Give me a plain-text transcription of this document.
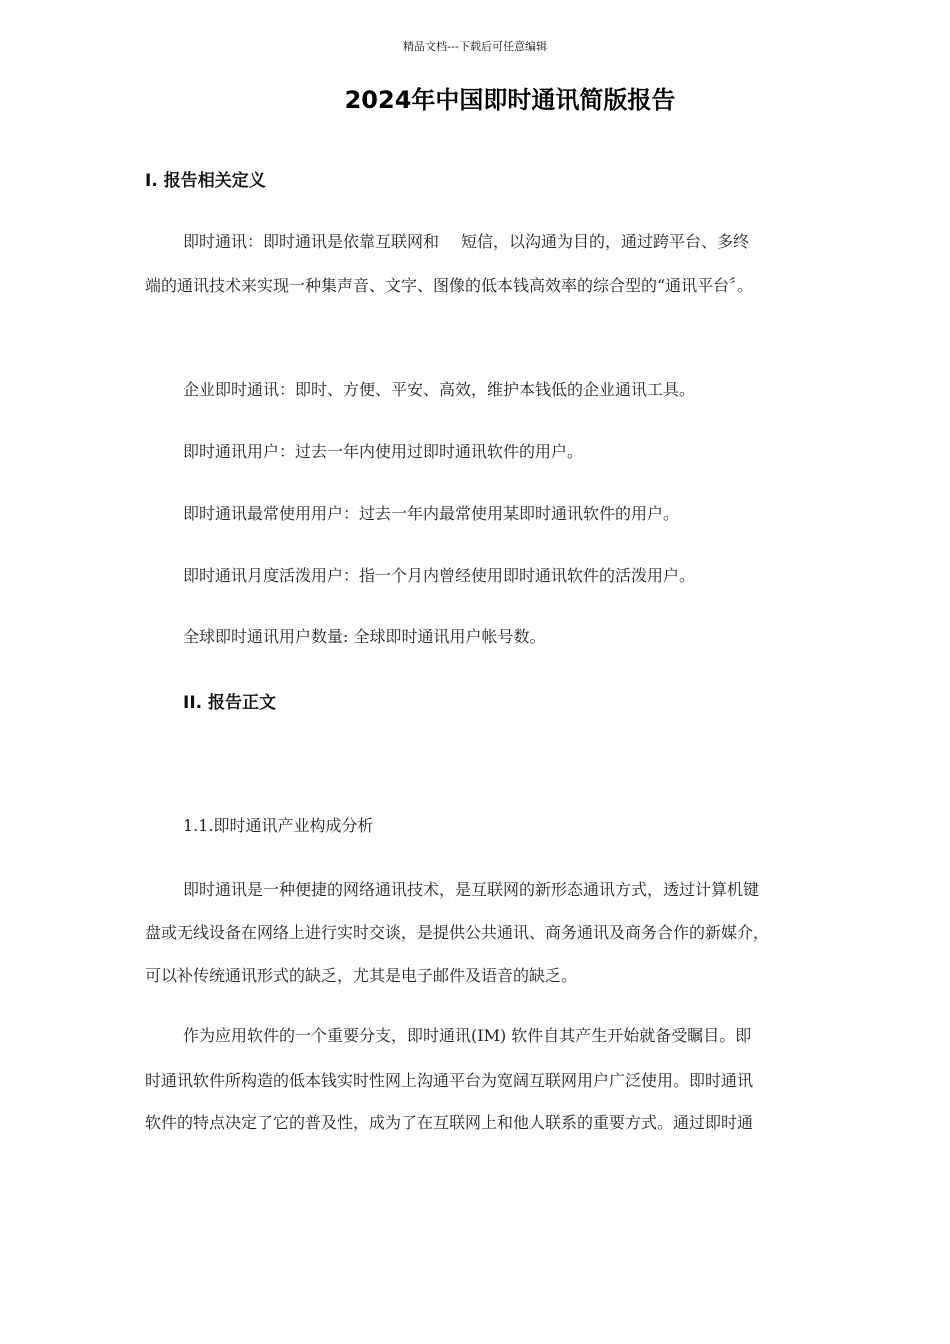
精品文档---下载后可任意编辑
2024年中国即时通讯简版报告
I. 报告相关定义
即时通讯：即时通讯是依靠互联网和 短信，以沟通为目的，通过跨平台、多终
端的通讯技术来实现一种集声音、文字、图像的低本钱高效率的综合型的“通讯平台〞。
企业即时通讯：即时、方便、平安、高效，维护本钱低的企业通讯工具。
即时通讯用户：过去一年内使用过即时通讯软件的用户。
即时通讯最常使用用户：过去一年内最常使用某即时通讯软件的用户。
即时通讯月度活泼用户：指一个月内曾经使用即时通讯软件的活泼用户。
全球即时通讯用户数量: 全球即时通讯用户帐号数。
II. 报告正文
1.1.即时通讯产业构成分析
即时通讯是一种便捷的网络通讯技术，是互联网的新形态通讯方式，透过计算机键
盘或无线设备在网络上进行实时交谈，是提供公共通讯、商务通讯及商务合作的新媒介，
可以补传统通讯形式的缺乏，尤其是电子邮件及语音的缺乏。
作为应用软件的一个重要分支，即时通讯(IM) 软件自其产生开始就备受瞩目。即
时通讯软件所构造的低本钱实时性网上沟通平台为宽阔互联网用户广泛使用。即时通讯
软件的特点决定了它的普及性，成为了在互联网上和他人联系的重要方式。通过即时通
